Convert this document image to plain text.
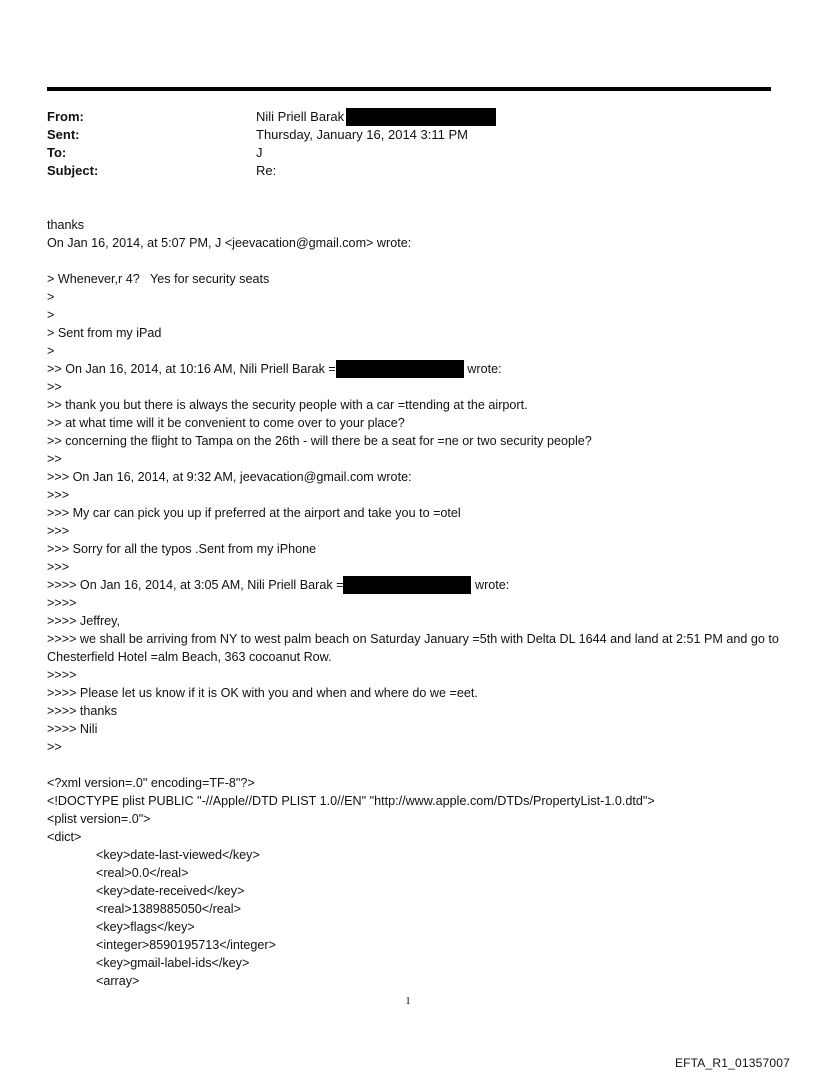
From:	Nili Priell Barak
Sent:	Thursday, January 16, 2014 3:11 PM
To:	J
Subject:	Re:
thanks
On Jan 16, 2014, at 5:07 PM, J <jeevacation@gmail.com> wrote:
> Whenever,r 4?   Yes for security seats
>
>
> Sent from my iPad
>
>> On Jan 16, 2014, at 10:16 AM, Nili Priell Barak =	wrote:
>>
>> thank you but there is always the security people with a car =ttending at the airport.
>> at what time will it be convenient to come over to your place?
>> concerning the flight to Tampa on the 26th - will there be a seat for =ne or two security people?
>>
>>> On Jan 16, 2014, at 9:32 AM, jeevacation@gmail.com wrote:
>>>
>>> My car can pick you up if preferred at the airport and take you to =otel
>>>
>>> Sorry for all the typos .Sent from my iPhone
>>>
>>>> On Jan 16, 2014, at 3:05 AM, Nili Priell Barak =	wrote:
>>>>
>>>> Jeffrey,
>>>> we shall be arriving from NY to west palm beach on Saturday January =5th with Delta DL 1644 and land at 2:51 PM and go to Chesterfield Hotel =alm Beach, 363 cocoanut Row.
>>>>
>>>> Please let us know if it is OK with you and when and where do we =eet.
>>>> thanks
>>>> Nili
>>
<?xml version=.0" encoding=TF-8"?>
<!DOCTYPE plist PUBLIC "-//Apple//DTD PLIST 1.0//EN" "http://www.apple.com/DTDs/PropertyList-1.0.dtd">
<plist version=.0">
<dict>
<key>date-last-viewed</key>
<real>0.0</real>
<key>date-received</key>
<real>1389885050</real>
<key>flags</key>
<integer>8590195713</integer>
<key>gmail-label-ids</key>
<array>
1
EFTA_R1_01357007
